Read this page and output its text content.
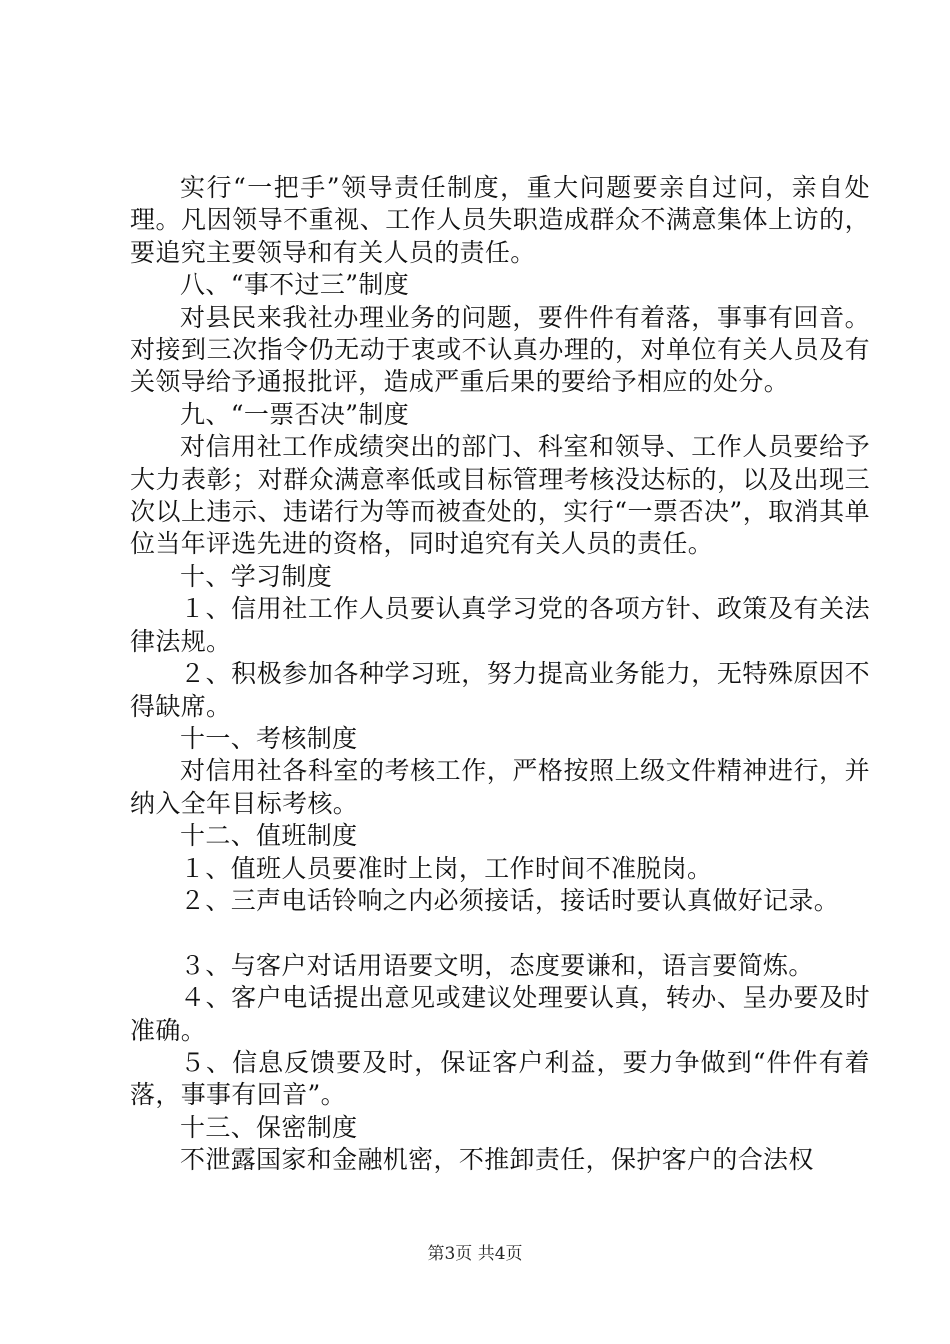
实行“一把手”领导责任制度，重大问题要亲自过问，亲自处理。凡因领导不重视、工作人员失职造成群众不满意集体上访的，要追究主要领导和有关人员的责任。

八、“事不过三”制度

对县民来我社办理业务的问题，要件件有着落，事事有回音。对接到三次指令仍无动于衷或不认真办理的，对单位有关人员及有关领导给予通报批评，造成严重后果的要给予相应的处分。

九、“一票否决”制度

对信用社工作成绩突出的部门、科室和领导、工作人员要给予大力表彰；对群众满意率低或目标管理考核没达标的，以及出现三次以上违示、违诺行为等而被查处的，实行“一票否决”，取消其单位当年评选先进的资格，同时追究有关人员的责任。

十、学习制度

１、信用社工作人员要认真学习党的各项方针、政策及有关法律法规。

２、积极参加各种学习班，努力提高业务能力，无特殊原因不得缺席。

十一、考核制度

对信用社各科室的考核工作，严格按照上级文件精神进行，并纳入全年目标考核。

十二、值班制度

１、值班人员要准时上岗，工作时间不准脱岗。

２、三声电话铃响之内必须接话，接话时要认真做好记录。

３、与客户对话用语要文明，态度要谦和，语言要简炼。

４、客户电话提出意见或建议处理要认真，转办、呈办要及时准确。

５、信息反馈要及时，保证客户利益，要力争做到“件件有着落，事事有回音”。

十三、保密制度

不泄露国家和金融机密，不推卸责任，保护客户的合法权

第3页 共4页
